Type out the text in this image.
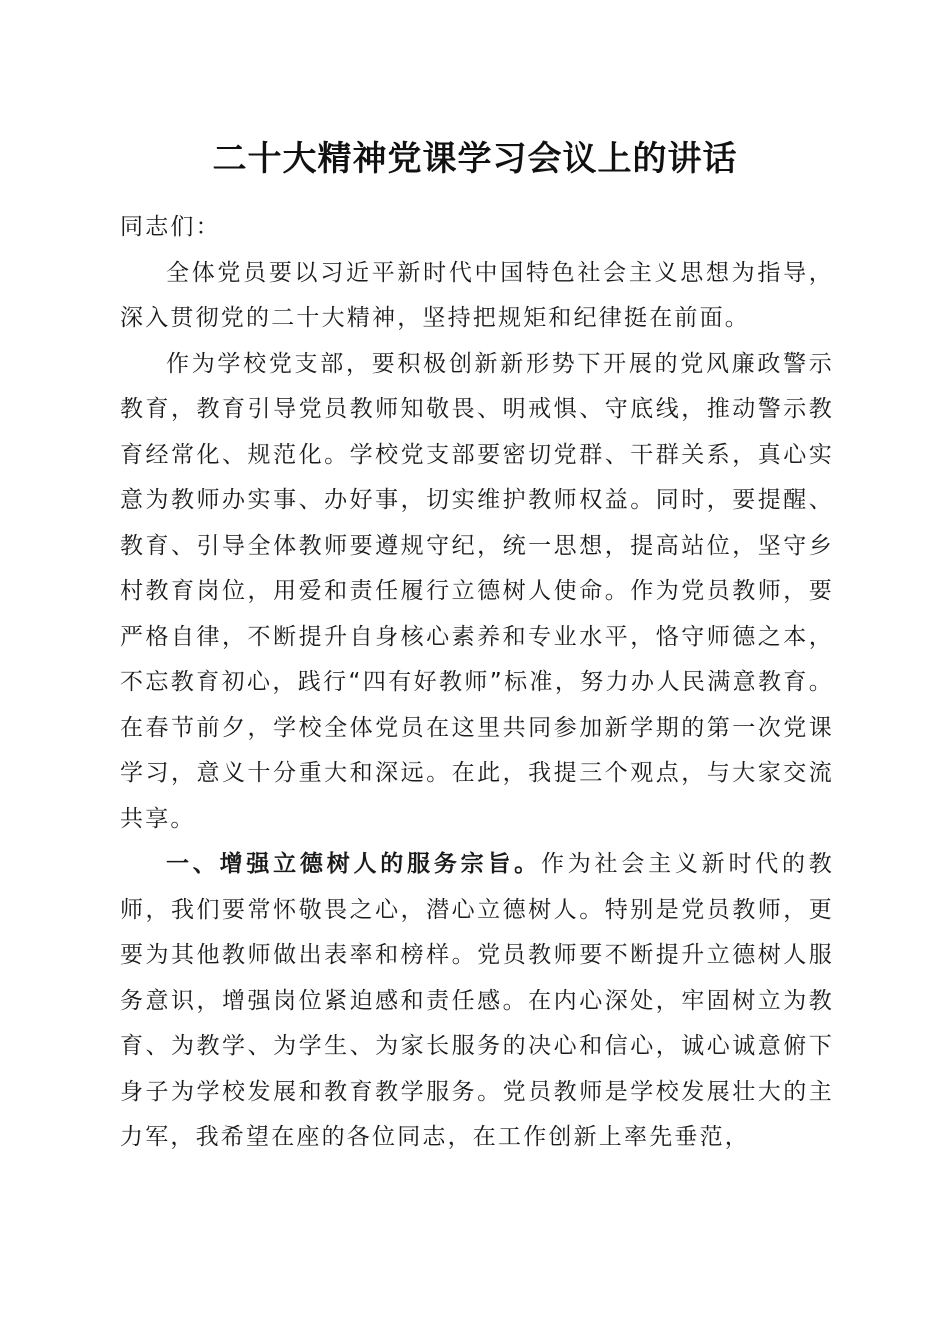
二十大精神党课学习会议上的讲话

同志们：

全体党员要以习近平新时代中国特色社会主义思想为指导，深入贯彻党的二十大精神，坚持把规矩和纪律挺在前面。

作为学校党支部，要积极创新新形势下开展的党风廉政警示教育，教育引导党员教师知敬畏、明戒惧、守底线，推动警示教育经常化、规范化。学校党支部要密切党群、干群关系，真心实意为教师办实事、办好事，切实维护教师权益。同时，要提醒、教育、引导全体教师要遵规守纪，统一思想，提高站位，坚守乡村教育岗位，用爱和责任履行立德树人使命。作为党员教师，要严格自律，不断提升自身核心素养和专业水平，恪守师德之本，不忘教育初心，践行“四有好教师”标准，努力办人民满意教育。在春节前夕，学校全体党员在这里共同参加新学期的第一次党课学习，意义十分重大和深远。在此，我提三个观点，与大家交流共享。

一、增强立德树人的服务宗旨。作为社会主义新时代的教师，我们要常怀敬畏之心，潜心立德树人。特别是党员教师，更要为其他教师做出表率和榜样。党员教师要不断提升立德树人服务意识，增强岗位紧迫感和责任感。在内心深处，牢固树立为教育、为教学、为学生、为家长服务的决心和信心，诚心诚意俯下身子为学校发展和教育教学服务。党员教师是学校发展壮大的主力军，我希望在座的各位同志，在工作创新上率先垂范，
